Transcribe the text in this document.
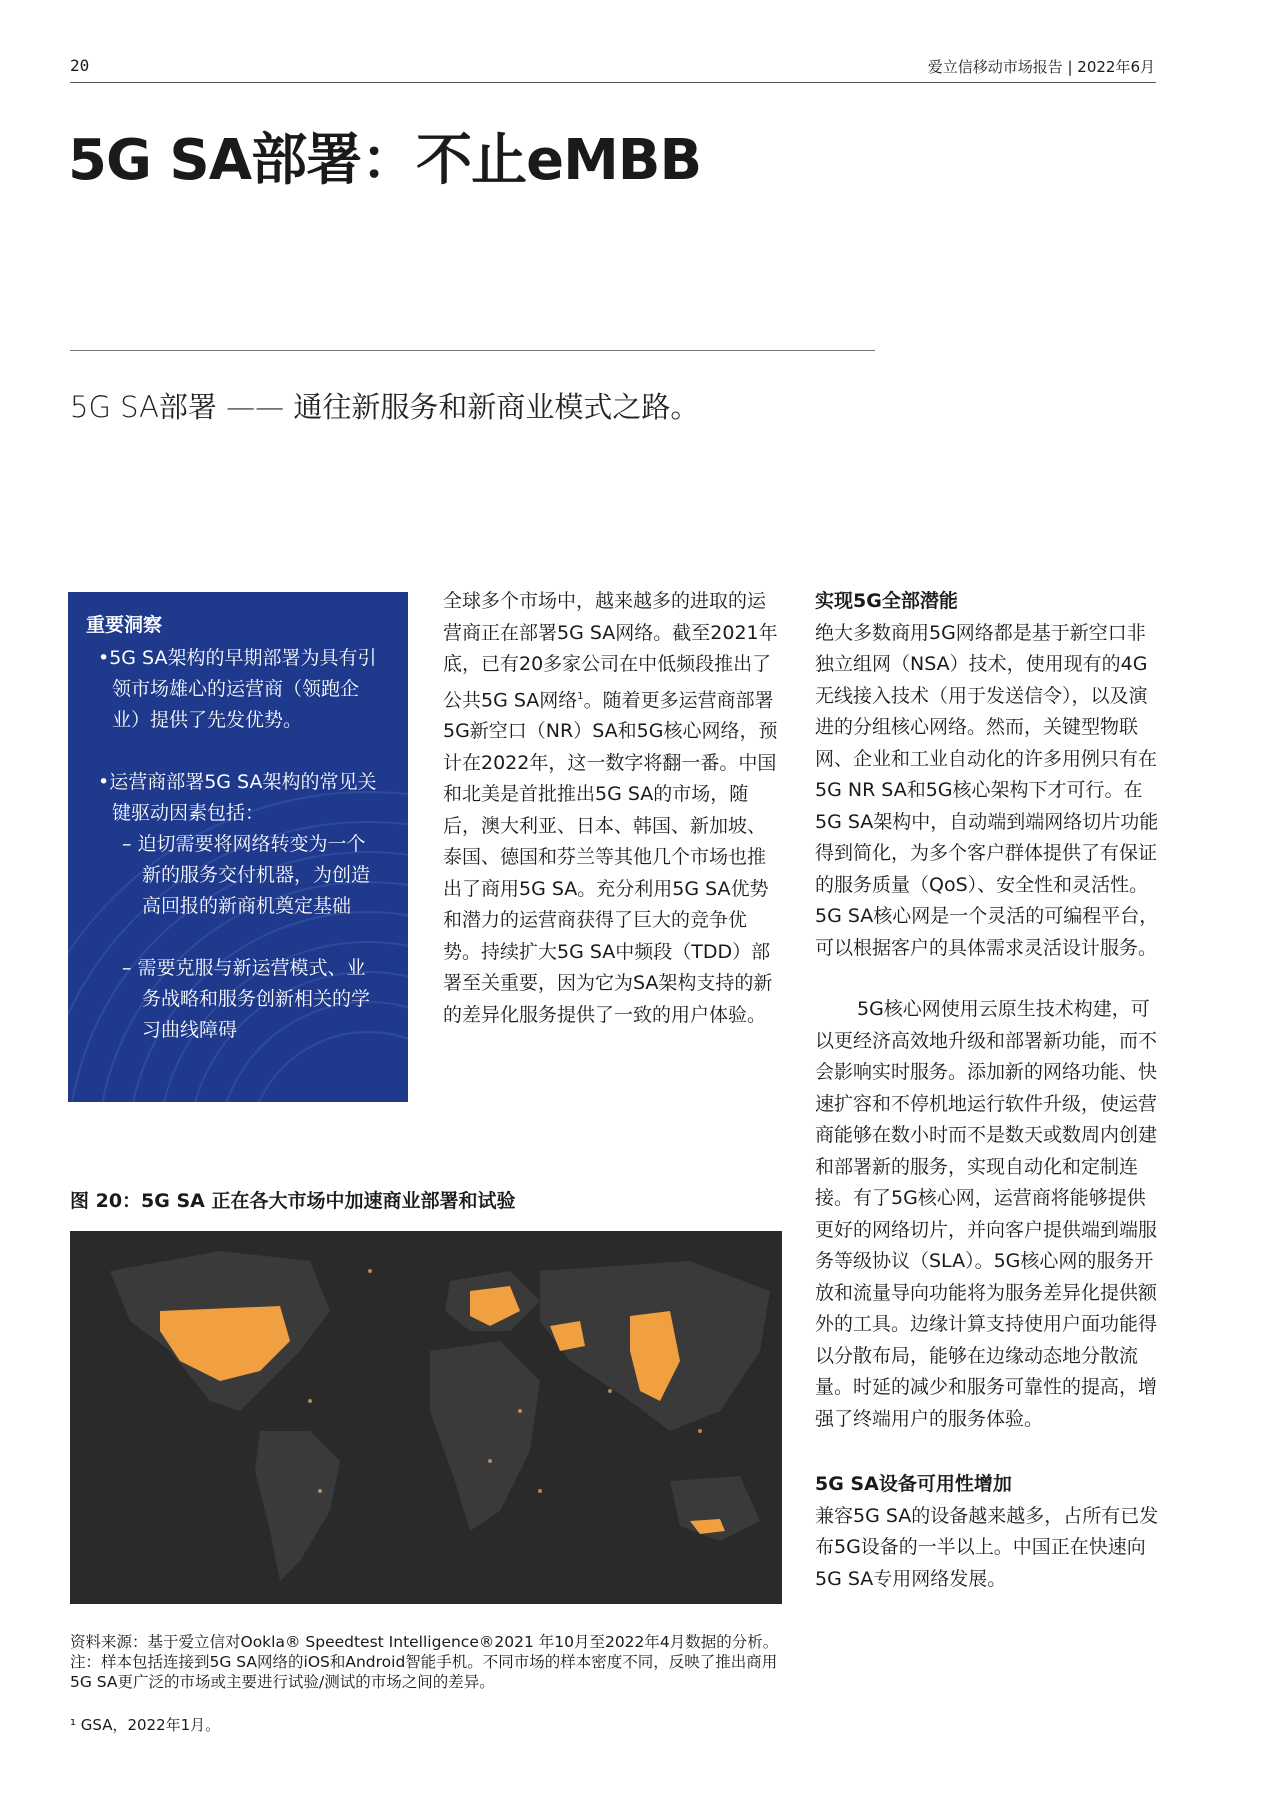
20	爱立信移动市场报告 | 2022年6月
5G SA部署：不止eMBB
5G SA部署 —— 通往新服务和新商业模式之路。
重要洞察

•5G SA架构的早期部署为具有引

领市场雄心的运营商（领跑企

业）提供了先发优势。

•运营商部署5G SA架构的常见关

键驱动因素包括：

– 迫切需要将网络转变为一个

新的服务交付机器，为创造

高回报的新商机奠定基础

– 需要克服与新运营模式、业

务战略和服务创新相关的学

习曲线障碍

全球多个市场中，越来越多的进取的运营商正在部署5G SA网络。截至2021年底，已有20多家公司在中低频段推出了公共5G SA网络$^1$。随着更多运营商部署5G新空口（NR）SA和5G核心网络，预计在2022年，这一数字将翻一番。中国和北美是首批推出5G SA的市场，随后，澳大利亚、日本、韩国、新加坡、泰国、德国和芬兰等其他几个市场也推出了商用5G SA。充分利用5G SA优势和潜力的运营商获得了巨大的竞争优势。持续扩大5G SA中频段（TDD）部署至关重要，因为它为SA架构支持的新的差异化服务提供了一致的用户体验。

实现5G全部潜能

绝大多数商用5G网络都是基于新空口非独立组网（NSA）技术，使用现有的4G无线接入技术（用于发送信令），以及演进的分组核心网络。然而，关键型物联网、企业和工业自动化的许多用例只有在5G NR SA和5G核心架构下才可行。在5G SA架构中，自动端到端网络切片功能得到简化，为多个客户群体提供了有保证的服务质量（QoS）、安全性和灵活性。5G SA核心网是一个灵活的可编程平台，可以根据客户的具体需求灵活设计服务。

5G核心网使用云原生技术构建，可以更经济高效地升级和部署新功能，而不会影响实时服务。添加新的网络功能、快速扩容和不停机地运行软件升级，使运营商能够在数小时而不是数天或数周内创建和部署新的服务，实现自动化和定制连接。有了5G核心网，运营商将能够提供更好的网络切片，并向客户提供端到端服务等级协议（SLA）。5G核心网的服务开放和流量导向功能将为服务差异化提供额外的工具。边缘计算支持使用户面功能得以分散布局，能够在边缘动态地分散流量。时延的减少和服务可靠性的提高，增强了终端用户的服务体验。

5G SA设备可用性增加

兼容5G SA的设备越来越多，占所有已发布5G设备的一半以上。中国正在快速向5G SA专用网络发展。

图 20：5G SA 正在各大市场中加速商业部署和试验

资料来源：基于爱立信对Ookla® Speedtest Intelligence®2021 年10月至2022年4月数据的分析。

注：样本包括连接到5G SA网络的iOS和Android智能手机。不同市场的样本密度不同，反映了推出商用5G SA更广泛的市场或主要进行试验/测试的市场之间的差异。

¹ GSA，2022年1月。
